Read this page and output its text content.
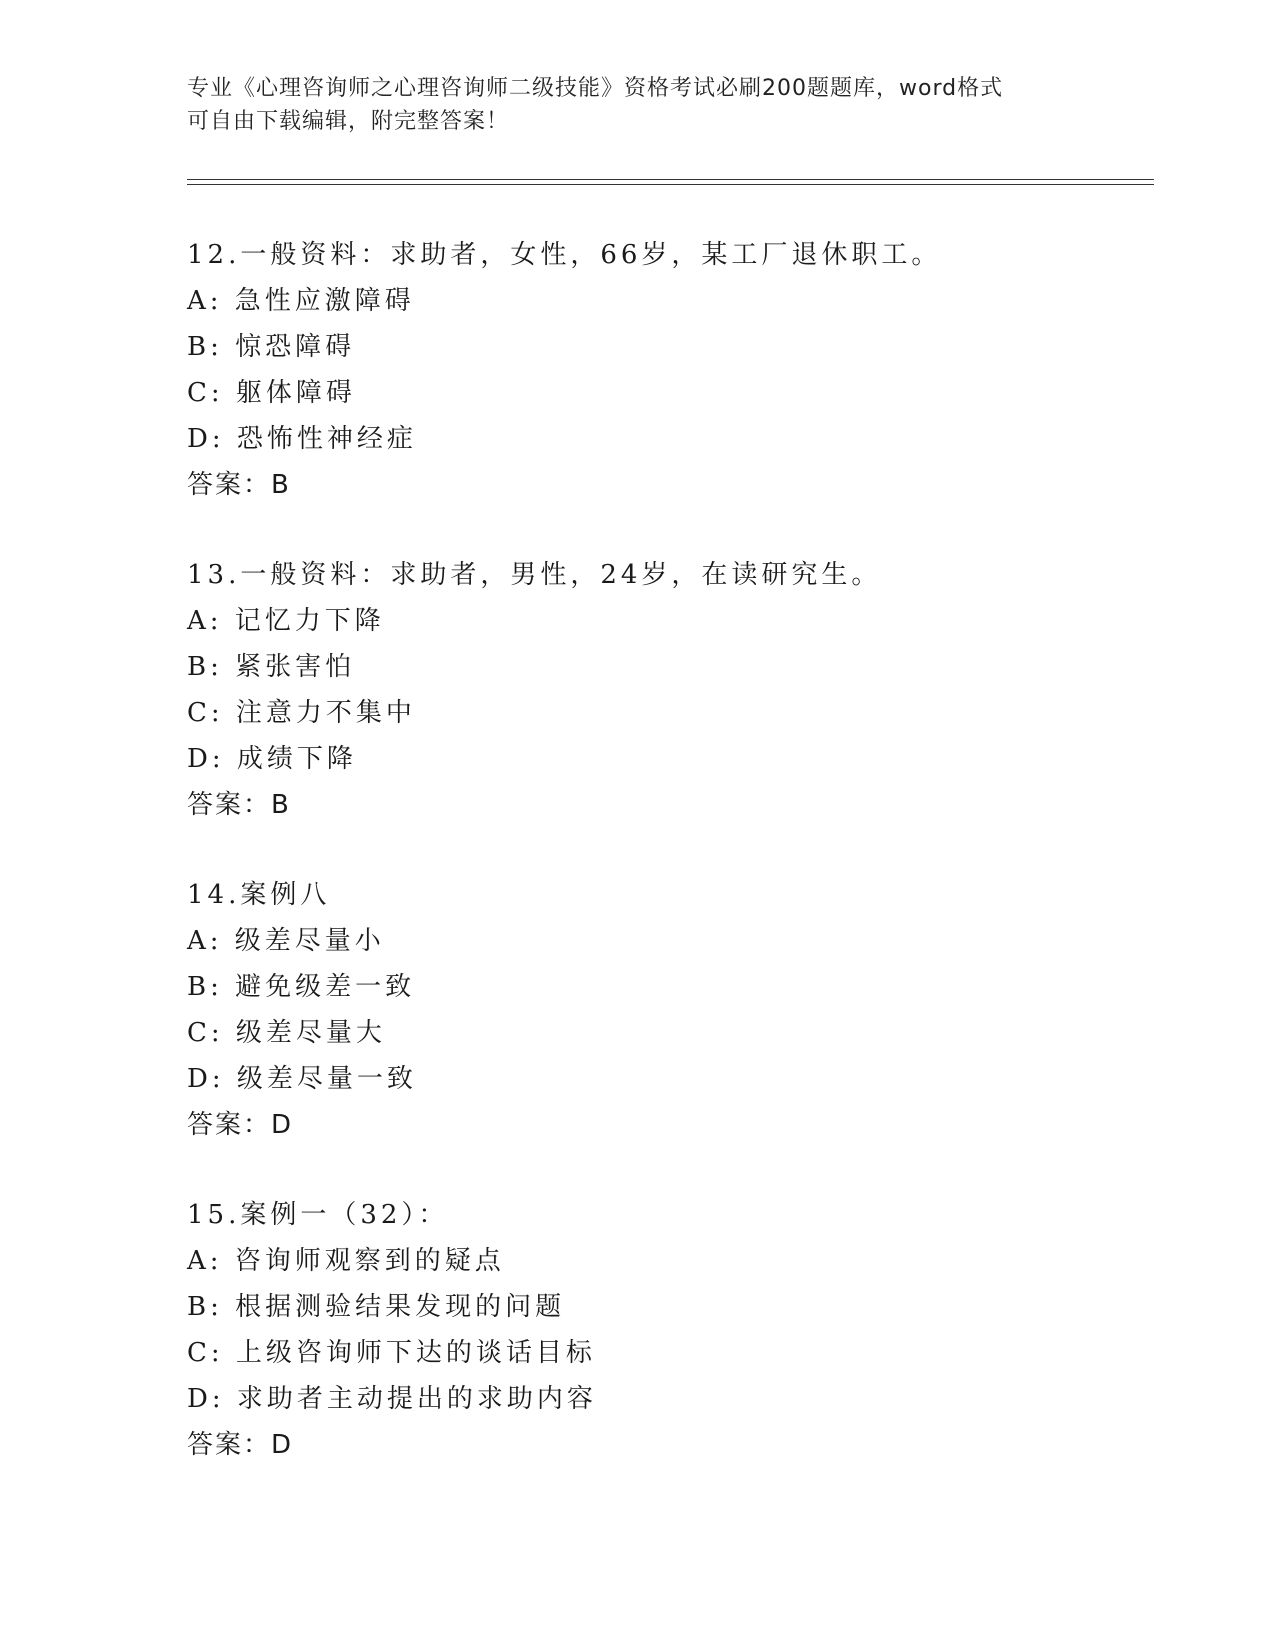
专业《心理咨询师之心理咨询师二级技能》资格考试必刷200题题库，word格式
可自由下载编辑，附完整答案！
12.一般资料：求助者，女性，66岁，某工厂退休职工。
A: 急性应激障碍
B: 惊恐障碍
C: 躯体障碍
D: 恐怖性神经症
答案：B
13.一般资料：求助者，男性，24岁，在读研究生。
A: 记忆力下降
B: 紧张害怕
C: 注意力不集中
D: 成绩下降
答案：B
14.案例八
A: 级差尽量小
B: 避免级差一致
C: 级差尽量大
D: 级差尽量一致
答案：D
15.案例一（32）：
A: 咨询师观察到的疑点
B: 根据测验结果发现的问题
C: 上级咨询师下达的谈话目标
D: 求助者主动提出的求助内容
答案：D
